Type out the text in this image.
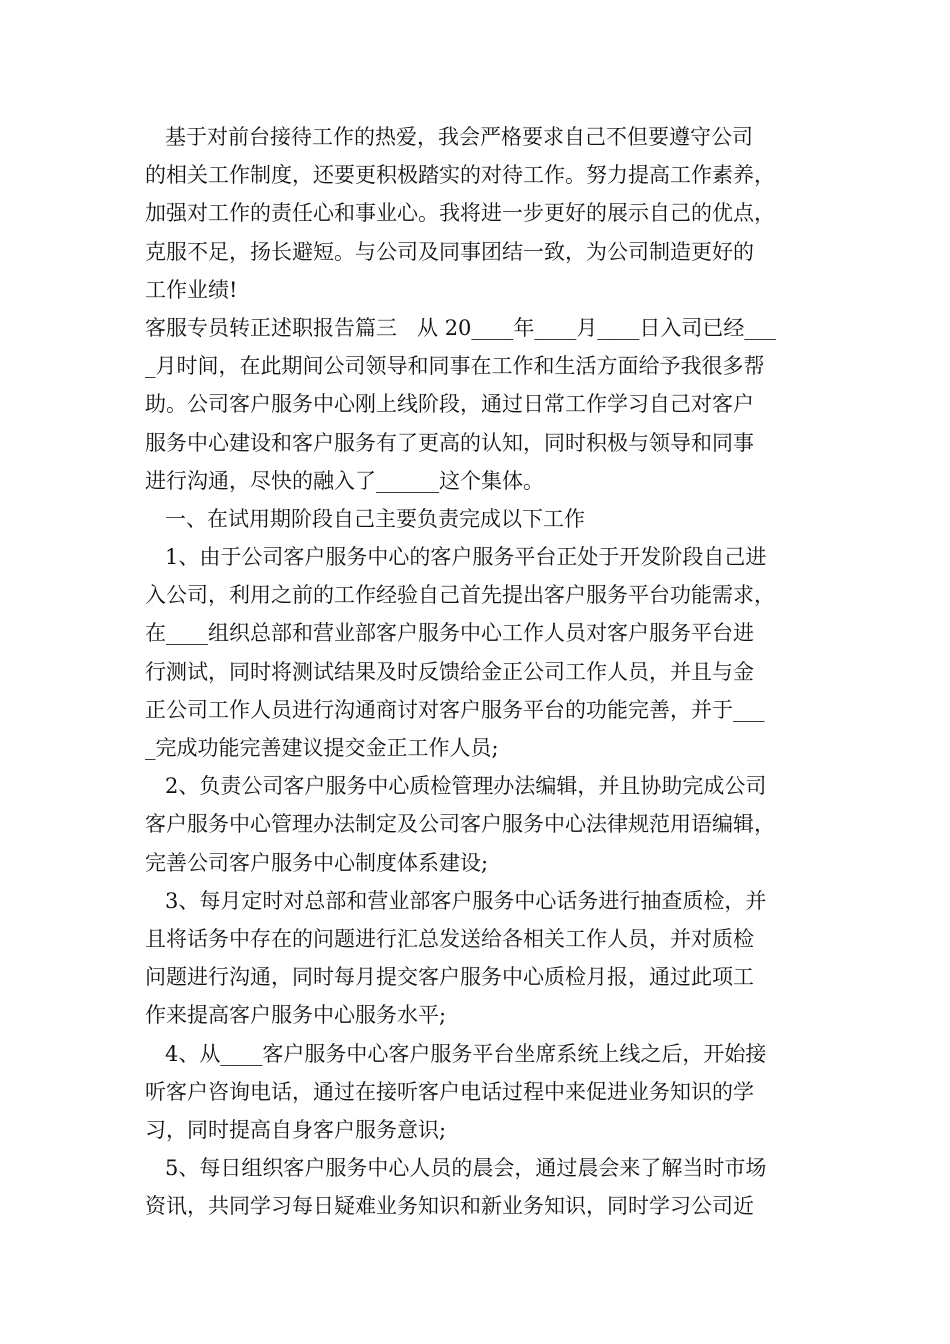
基于对前台接待工作的热爱，我会严格要求自己不但要遵守公司
的相关工作制度，还要更积极踏实的对待工作。努力提高工作素养，
加强对工作的责任心和事业心。我将进一步更好的展示自己的优点，
克服不足，扬长避短。与公司及同事团结一致，为公司制造更好的
工作业绩!
客服专员转正述职报告篇三   从 20____年____月____日入司已经___
_月时间，在此期间公司领导和同事在工作和生活方面给予我很多帮
助。公司客户服务中心刚上线阶段，通过日常工作学习自己对客户
服务中心建设和客户服务有了更高的认知，同时积极与领导和同事
进行沟通，尽快的融入了______这个集体。
一、在试用期阶段自己主要负责完成以下工作
1、由于公司客户服务中心的客户服务平台正处于开发阶段自己进
入公司，利用之前的工作经验自己首先提出客户服务平台功能需求，
在____组织总部和营业部客户服务中心工作人员对客户服务平台进
行测试，同时将测试结果及时反馈给金正公司工作人员，并且与金
正公司工作人员进行沟通商讨对客户服务平台的功能完善，并于___
_完成功能完善建议提交金正工作人员;
2、负责公司客户服务中心质检管理办法编辑，并且协助完成公司
客户服务中心管理办法制定及公司客户服务中心法律规范用语编辑，
完善公司客户服务中心制度体系建设;
3、每月定时对总部和营业部客户服务中心话务进行抽查质检，并
且将话务中存在的问题进行汇总发送给各相关工作人员，并对质检
问题进行沟通，同时每月提交客户服务中心质检月报，通过此项工
作来提高客户服务中心服务水平;
4、从____客户服务中心客户服务平台坐席系统上线之后，开始接
听客户咨询电话，通过在接听客户电话过程中来促进业务知识的学
习，同时提高自身客户服务意识;
5、每日组织客户服务中心人员的晨会，通过晨会来了解当时市场
资讯，共同学习每日疑难业务知识和新业务知识，同时学习公司近
